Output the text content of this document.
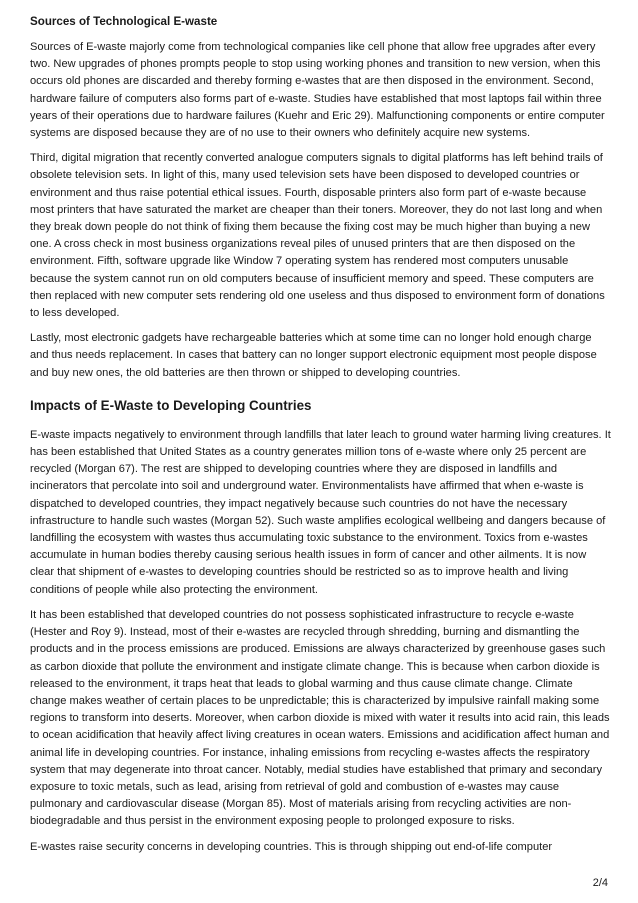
Sources of Technological E-waste

Sources of E-waste majorly come from technological companies like cell phone that allow free upgrades after every two. New upgrades of phones prompts people to stop using working phones and transition to new version, when this occurs old phones are discarded and thereby forming e-wastes that are then disposed in the environment. Second, hardware failure of computers also forms part of e-waste. Studies have established that most laptops fail within three years of their operations due to hardware failures (Kuehr and Eric 29). Malfunctioning components or entire computer systems are disposed because they are of no use to their owners who definitely acquire new systems.

Third, digital migration that recently converted analogue computers signals to digital platforms has left behind trails of obsolete television sets. In light of this, many used television sets have been disposed to developed countries or environment and thus raise potential ethical issues. Fourth, disposable printers also form part of e-waste because most printers that have saturated the market are cheaper than their toners. Moreover, they do not last long and when they break down people do not think of fixing them because the fixing cost may be much higher than buying a new one. A cross check in most business organizations reveal piles of unused printers that are then disposed on the environment. Fifth, software upgrade like Window 7 operating system has rendered most computers unusable because the system cannot run on old computers because of insufficient memory and speed. These computers are then replaced with new computer sets rendering old one useless and thus disposed to environment form of donations to less developed.

Lastly, most electronic gadgets have rechargeable batteries which at some time can no longer hold enough charge and thus needs replacement. In cases that battery can no longer support electronic equipment most people dispose and buy new ones, the old batteries are then thrown or shipped to developing countries.

Impacts of E-Waste to Developing Countries

E-waste impacts negatively to environment through landfills that later leach to ground water harming living creatures. It has been established that United States as a country generates million tons of e-waste where only 25 percent are recycled (Morgan 67). The rest are shipped to developing countries where they are disposed in landfills and incinerators that percolate into soil and underground water. Environmentalists have affirmed that when e-waste is dispatched to developed countries, they impact negatively because such countries do not have the necessary infrastructure to handle such wastes (Morgan 52). Such waste amplifies ecological wellbeing and dangers because of landfilling the ecosystem with wastes thus accumulating toxic substance to the environment. Toxics from e-wastes accumulate in human bodies thereby causing serious health issues in form of cancer and other ailments. It is now clear that shipment of e-wastes to developing countries should be restricted so as to improve health and living conditions of people while also protecting the environment.

It has been established that developed countries do not possess sophisticated infrastructure to recycle e-waste (Hester and Roy 9). Instead, most of their e-wastes are recycled through shredding, burning and dismantling the products and in the process emissions are produced. Emissions are always characterized by greenhouse gases such as carbon dioxide that pollute the environment and instigate climate change. This is because when carbon dioxide is released to the environment, it traps heat that leads to global warming and thus cause climate change. Climate change makes weather of certain places to be unpredictable; this is characterized by impulsive rainfall making some regions to transform into deserts. Moreover, when carbon dioxide is mixed with water it results into acid rain, this leads to ocean acidification that heavily affect living creatures in ocean waters. Emissions and acidification affect human and animal life in developing countries. For instance, inhaling emissions from recycling e-wastes affects the respiratory system that may degenerate into throat cancer. Notably, medial studies have established that primary and secondary exposure to toxic metals, such as lead, arising from retrieval of gold and combustion of e-wastes may cause pulmonary and cardiovascular disease (Morgan 85). Most of materials arising from recycling activities are non-biodegradable and thus persist in the environment exposing people to prolonged exposure to risks.

E-wastes raise security concerns in developing countries. This is through shipping out end-of-life computer

2/4
